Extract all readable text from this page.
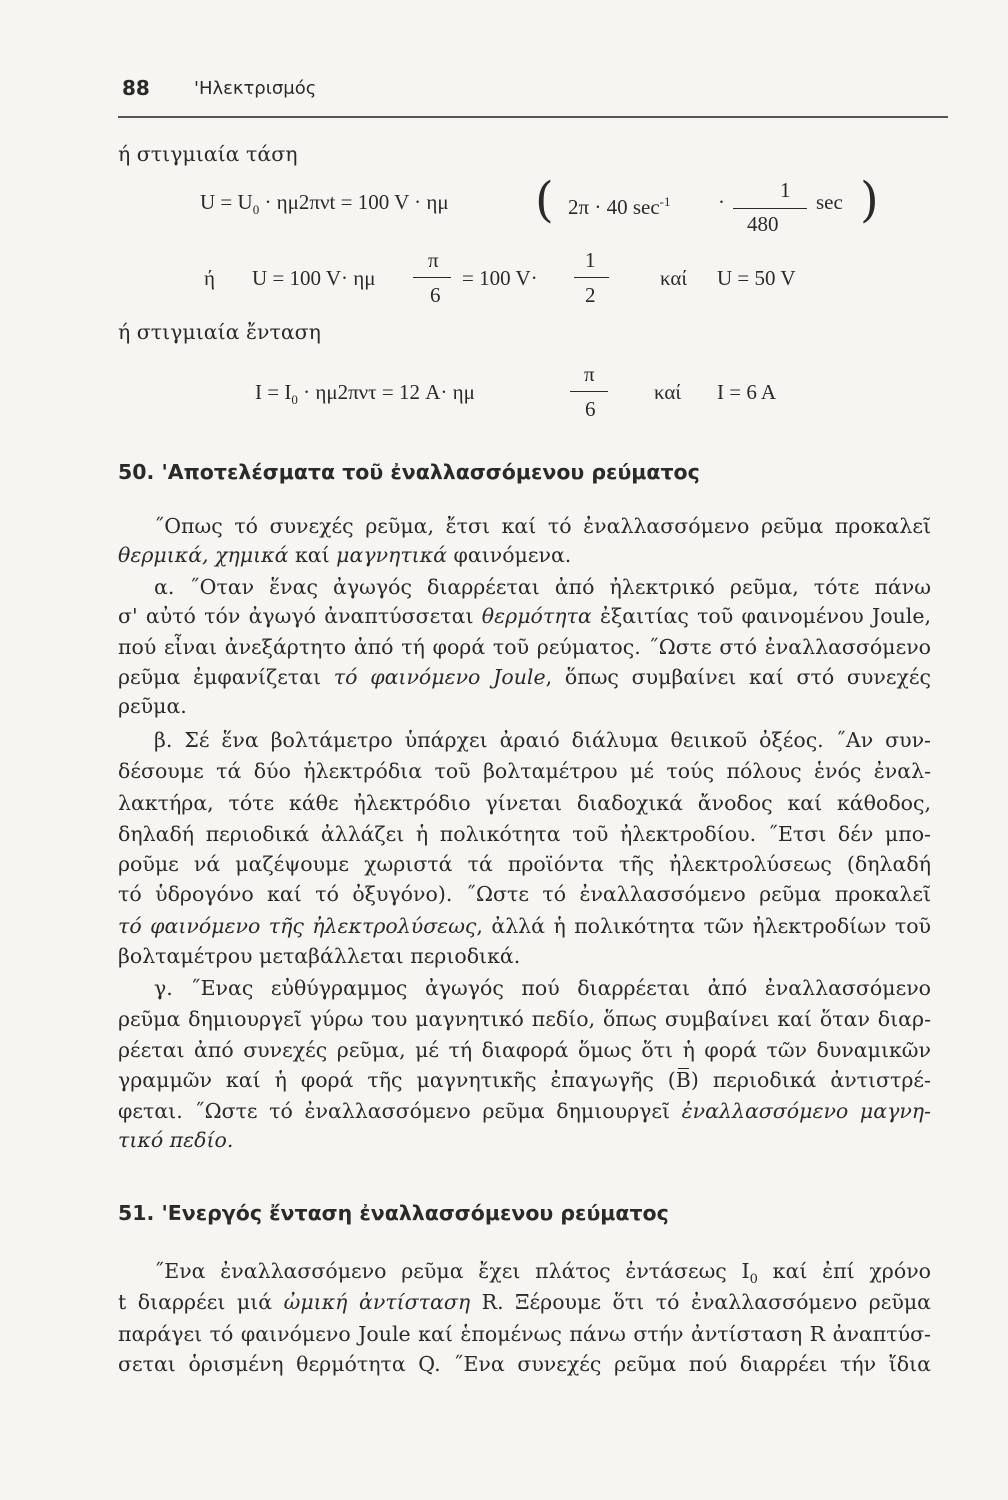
88 'Ηλεκτρισμός
ή στιγμιαία τάση
$U = U_0 \cdot \eta\mu 2\pi\nu t = 100$ V · ημ ( 2π · 40 $\sec^{-1}$ ·	1
480
sec )
ή U = 100 V· ημ
π
6
= 100 V·
1
2
καί U = 50 V
ή στιγμιαία ἔνταση
$I = I_0 \cdot \eta\mu 2\pi\nu\tau = 12$ A· ημ
π
6
καί I = 6 A
50. 'Αποτελέσματα τοῦ ἐναλλασσόμενου ρεύματος
˝Οπως τό συνεχές ρεῦμα, ἔτσι καί τό ἐναλλασσόμενο ρεῦμα προκαλεῖ
θερμικά, χημικά καί μαγνητικά φαινόμενα.
α. ˝Οταν ἕνας ἀγωγός διαρρέεται ἀπό ἠλεκτρικό ρεῦμα, τότε πάνω
σ' αὐτό τόν ἀγωγό ἀναπτύσσεται θερμότητα ἐξαιτίας τοῦ φαινομένου Joule,
πού εἶναι ἀνεξάρτητο ἀπό τή φορά τοῦ ρεύματος. ˝Ωστε στό ἐναλλασσόμενο
ρεῦμα ἐμφανίζεται τό φαινόμενο Joule, ὅπως συμβαίνει καί στό συνεχές
ρεῦμα.
β. Σέ ἕνα βολτάμετρο ὑπάρχει ἀραιό διάλυμα θειικοῦ ὀξέος. ˝Αν συν-
δέσουμε τά δύο ἠλεκτρόδια τοῦ βολταμέτρου μέ τούς πόλους ἑνός ἐναλ-
λακτήρα, τότε κάθε ἠλεκτρόδιο γίνεται διαδοχικά ἄνοδος καί κάθοδος,
δηλαδή περιοδικά ἀλλάζει ἡ πολικότητα τοῦ ἠλεκτροδίου. ˝Ετσι δέν μπο-
ροῦμε νά μαζέψουμε χωριστά τά προϊόντα τῆς ἠλεκτρολύσεως (δηλαδή
τό ὑδρογόνο καί τό ὀξυγόνο). ˝Ωστε τό ἐναλλασσόμενο ρεῦμα προκαλεῖ
τό φαινόμενο τῆς ἠλεκτρολύσεως, ἀλλά ἡ πολικότητα τῶν ἠλεκτροδίων τοῦ
βολταμέτρου μεταβάλλεται περιοδικά.
γ. ˝Ενας εὐθύγραμμος ἀγωγός πού διαρρέεται ἀπό ἐναλλασσόμενο
ρεῦμα δημιουργεῖ γύρω του μαγνητικό πεδίο, ὅπως συμβαίνει καί ὅταν διαρ-
ρέεται ἀπό συνεχές ρεῦμα, μέ τή διαφορά ὅμως ὅτι ἡ φορά τῶν δυναμικῶν
γραμμῶν καί ἡ φορά τῆς μαγνητικῆς ἐπαγωγῆς (B) περιοδικά ἀντιστρέ-
φεται. ˝Ωστε τό ἐναλλασσόμενο ρεῦμα δημιουργεῖ ἐναλλασσόμενο μαγνη-
τικό πεδίο.
51. 'Ενεργός ἔνταση ἐναλλασσόμενου ρεύματος
˝Ενα ἐναλλασσόμενο ρεῦμα ἔχει πλάτος ἐντάσεως $I_0$ καί ἐπί χρόνο
t διαρρέει μιά ὠμική ἀντίσταση R. Ξέρουμε ὅτι τό ἐναλλασσόμενο ρεῦμα
παράγει τό φαινόμενο Joule καί ἑπομένως πάνω στήν ἀντίσταση R ἀναπτύσ-
σεται ὁρισμένη θερμότητα Q. ˝Ενα συνεχές ρεῦμα πού διαρρέει τήν ἴδια
